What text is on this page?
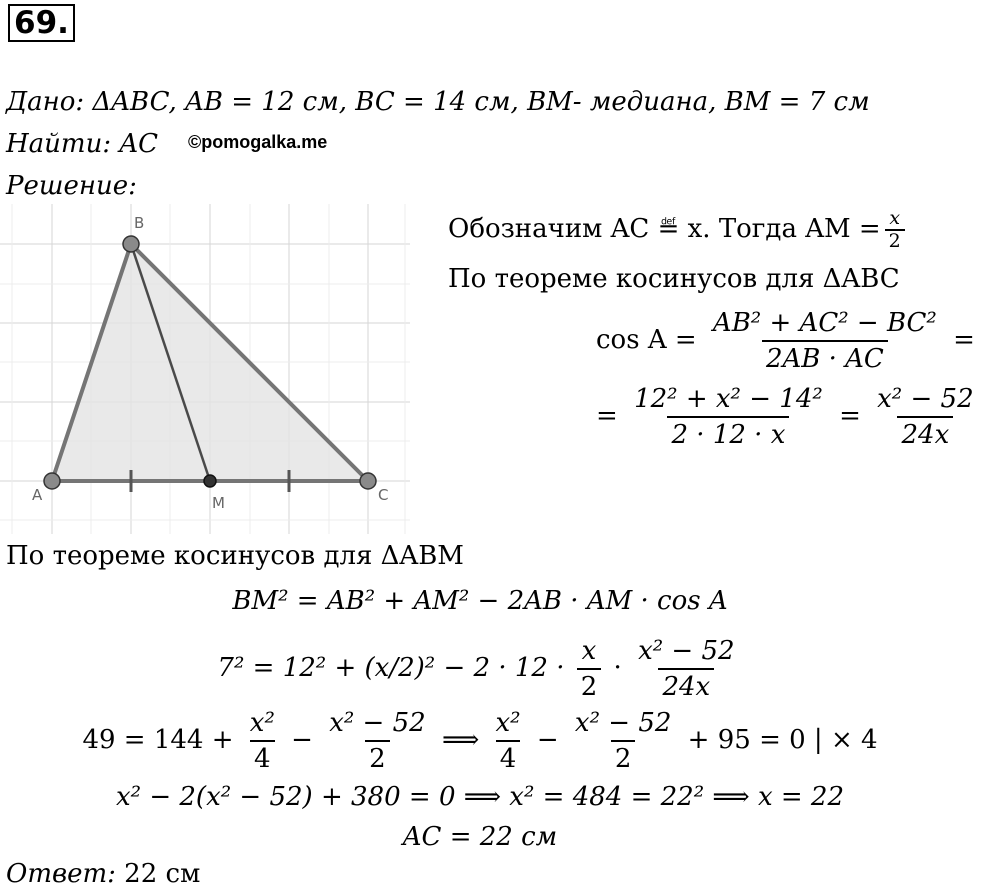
69.
Дано: ΔABC, AB = 12 см, BC = 14 см, BM- медиана, BM = 7 см
Найти: AC ©pomogalka.me
Решение:
A
B
M	C
Обозначим AC ≝ x. Тогда AM = $\frac{x}{2}$
По теореме косинусов для ΔABC
$\cos A = \frac{\text{AB² + AC² − BC²}}{2AB \cdot AC}$ =
= $\frac{\text{12² + x² − 14²}}{2 \cdot 12 \cdot x} = \frac{\text{x² − 52}}{24x}$
По теореме косинусов для ΔABM
BM² = AB² + AM² − 2AB · AM · cos A
$7^2 = 12^2 + (x/2)^2 - 2 \cdot 12 \cdot \frac{x}{2} \cdot \frac{\text{x² − 52}}{24x}$
$49 = 144 + \frac{\text{x²}}{4} - \frac{\text{x² − 52}}{2}$ ⟹ $\frac{\text{x²}}{4} - \frac{\text{x² − 52}}{2} + 95 = 0$ | × 4
x² − 2(x² − 52) + 380 = 0 ⟹ x² = 484 = 22² ⟹ x = 22
AC = 22 см
Ответ: 22 см
